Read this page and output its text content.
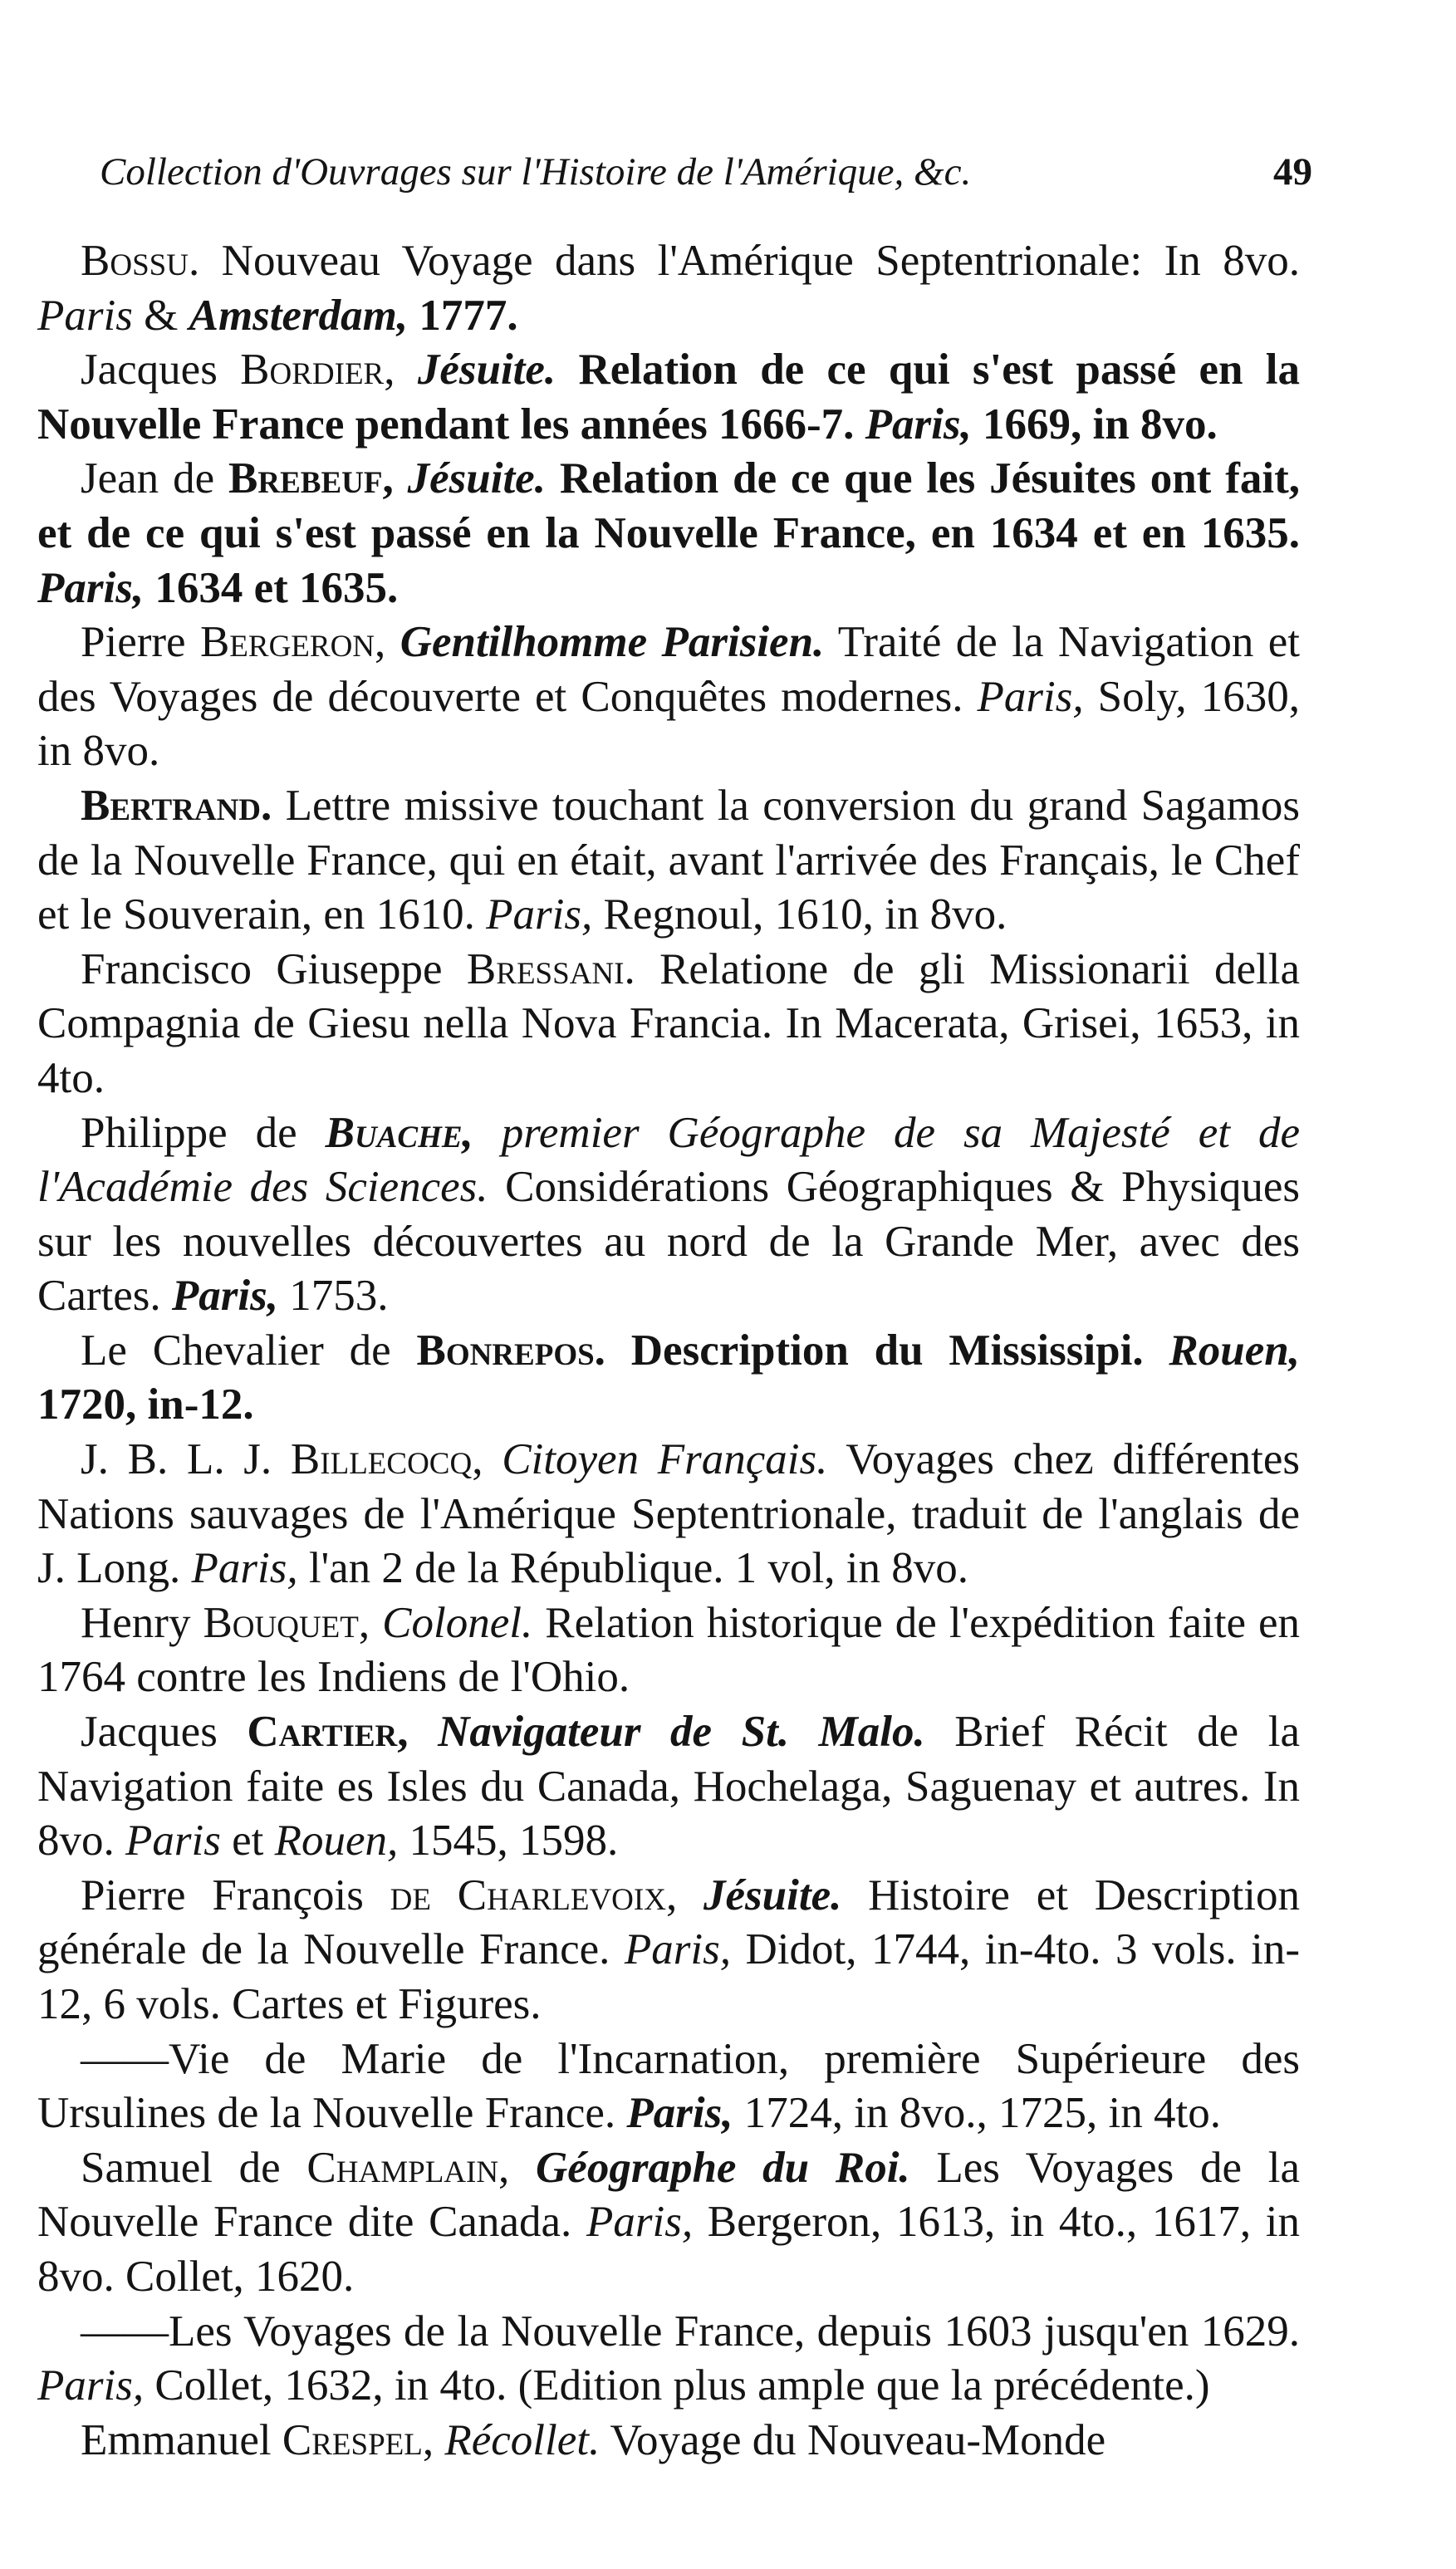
Collection d'Ouvrages sur l'Histoire de l'Amérique, &c.	49
Bossu. Nouveau Voyage dans l'Amérique Septentrionale: In 8vo. Paris & Amsterdam, 1777.
Jacques Bordier, Jésuite. Relation de ce qui s'est passé en la Nouvelle France pendant les années 1666-7. Paris, 1669, in 8vo.
Jean de Brebeuf, Jésuite. Relation de ce que les Jésuites ont fait, et de ce qui s'est passé en la Nouvelle France, en 1634 et en 1635. Paris, 1634 et 1635.
Pierre Bergeron, Gentilhomme Parisien. Traité de la Navigation et des Voyages de découverte et Conquêtes modernes. Paris, Soly, 1630, in 8vo.
Bertrand. Lettre missive touchant la conversion du grand Sagamos de la Nouvelle France, qui en était, avant l'arrivée des Français, le Chef et le Souverain, en 1610. Paris, Regnoul, 1610, in 8vo.
Francisco Giuseppe Bressani. Relatione de gli Missionarii della Compagnia de Giesu nella Nova Francia. In Macerata, Grisei, 1653, in 4to.
Philippe de Buache, premier Géographe de sa Majesté et de l'Académie des Sciences. Considérations Géographiques & Physiques sur les nouvelles découvertes au nord de la Grande Mer, avec des Cartes. Paris, 1753.
Le Chevalier de Bonrepos. Description du Mississipi. Rouen, 1720, in-12.
J. B. L. J. Billecocq, Citoyen Français. Voyages chez différentes Nations sauvages de l'Amérique Septentrionale, traduit de l'anglais de J. Long. Paris, l'an 2 de la République. 1 vol, in 8vo.
Henry Bouquet, Colonel. Relation historique de l'expédition faite en 1764 contre les Indiens de l'Ohio.
Jacques Cartier, Navigateur de St. Malo. Brief Récit de la Navigation faite es Isles du Canada, Hochelaga, Saguenay et autres. In 8vo. Paris et Rouen, 1545, 1598.
Pierre François de Charlevoix, Jésuite. Histoire et Description générale de la Nouvelle France. Paris, Didot, 1744, in-4to. 3 vols. in-12, 6 vols. Cartes et Figures.
——Vie de Marie de l'Incarnation, première Supérieure des Ursulines de la Nouvelle France. Paris, 1724, in 8vo., 1725, in 4to.
Samuel de Champlain, Géographe du Roi. Les Voyages de la Nouvelle France dite Canada. Paris, Bergeron, 1613, in 4to., 1617, in 8vo. Collet, 1620.
——Les Voyages de la Nouvelle France, depuis 1603 jusqu'en 1629. Paris, Collet, 1632, in 4to. (Edition plus ample que la précédente.)
Emmanuel Crespel, Récollet. Voyage du Nouveau-Monde
